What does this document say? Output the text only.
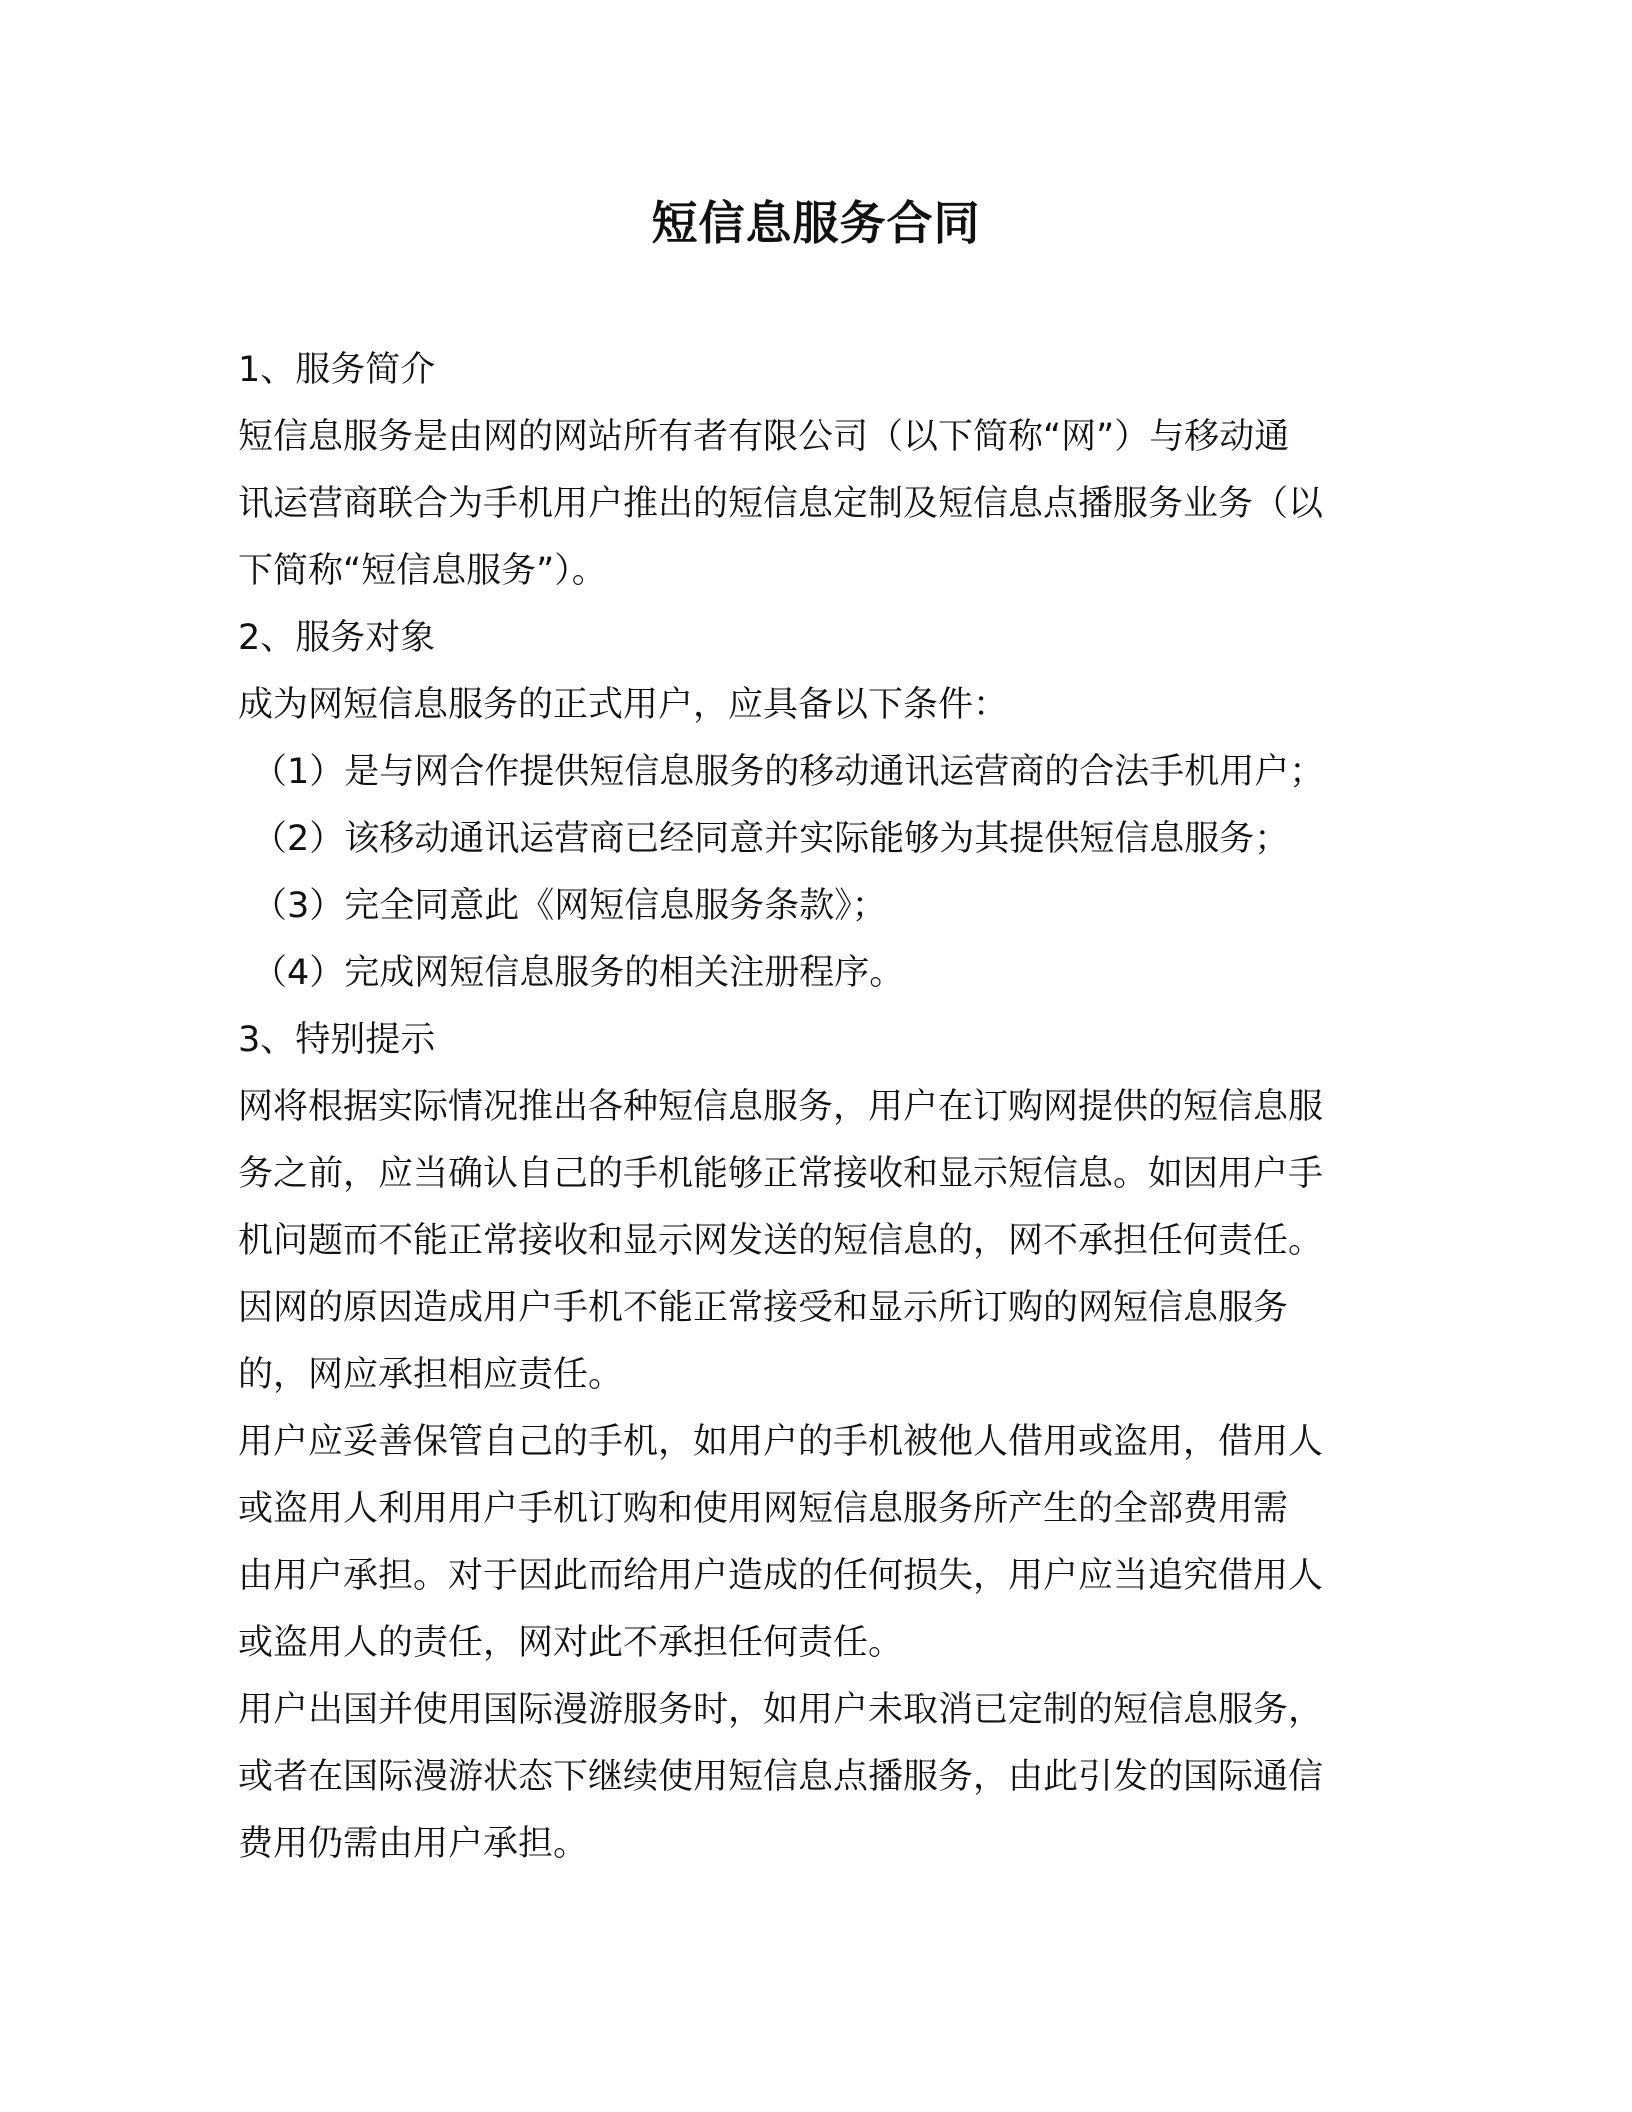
短信息服务合同
1、服务简介
短信息服务是由网的网站所有者有限公司（以下简称“网”）与移动通
讯运营商联合为手机用户推出的短信息定制及短信息点播服务业务（以
下简称“短信息服务”）。
2、服务对象
成为网短信息服务的正式用户，应具备以下条件：
（1）是与网合作提供短信息服务的移动通讯运营商的合法手机用户；
（2）该移动通讯运营商已经同意并实际能够为其提供短信息服务；
（3）完全同意此《网短信息服务条款》；
（4）完成网短信息服务的相关注册程序。
3、特别提示
网将根据实际情况推出各种短信息服务，用户在订购网提供的短信息服
务之前，应当确认自己的手机能够正常接收和显示短信息。如因用户手
机问题而不能正常接收和显示网发送的短信息的，网不承担任何责任。
因网的原因造成用户手机不能正常接受和显示所订购的网短信息服务
的，网应承担相应责任。
用户应妥善保管自己的手机，如用户的手机被他人借用或盗用，借用人
或盗用人利用用户手机订购和使用网短信息服务所产生的全部费用需
由用户承担。对于因此而给用户造成的任何损失，用户应当追究借用人
或盗用人的责任，网对此不承担任何责任。
用户出国并使用国际漫游服务时，如用户未取消已定制的短信息服务，
或者在国际漫游状态下继续使用短信息点播服务，由此引发的国际通信
费用仍需由用户承担。
